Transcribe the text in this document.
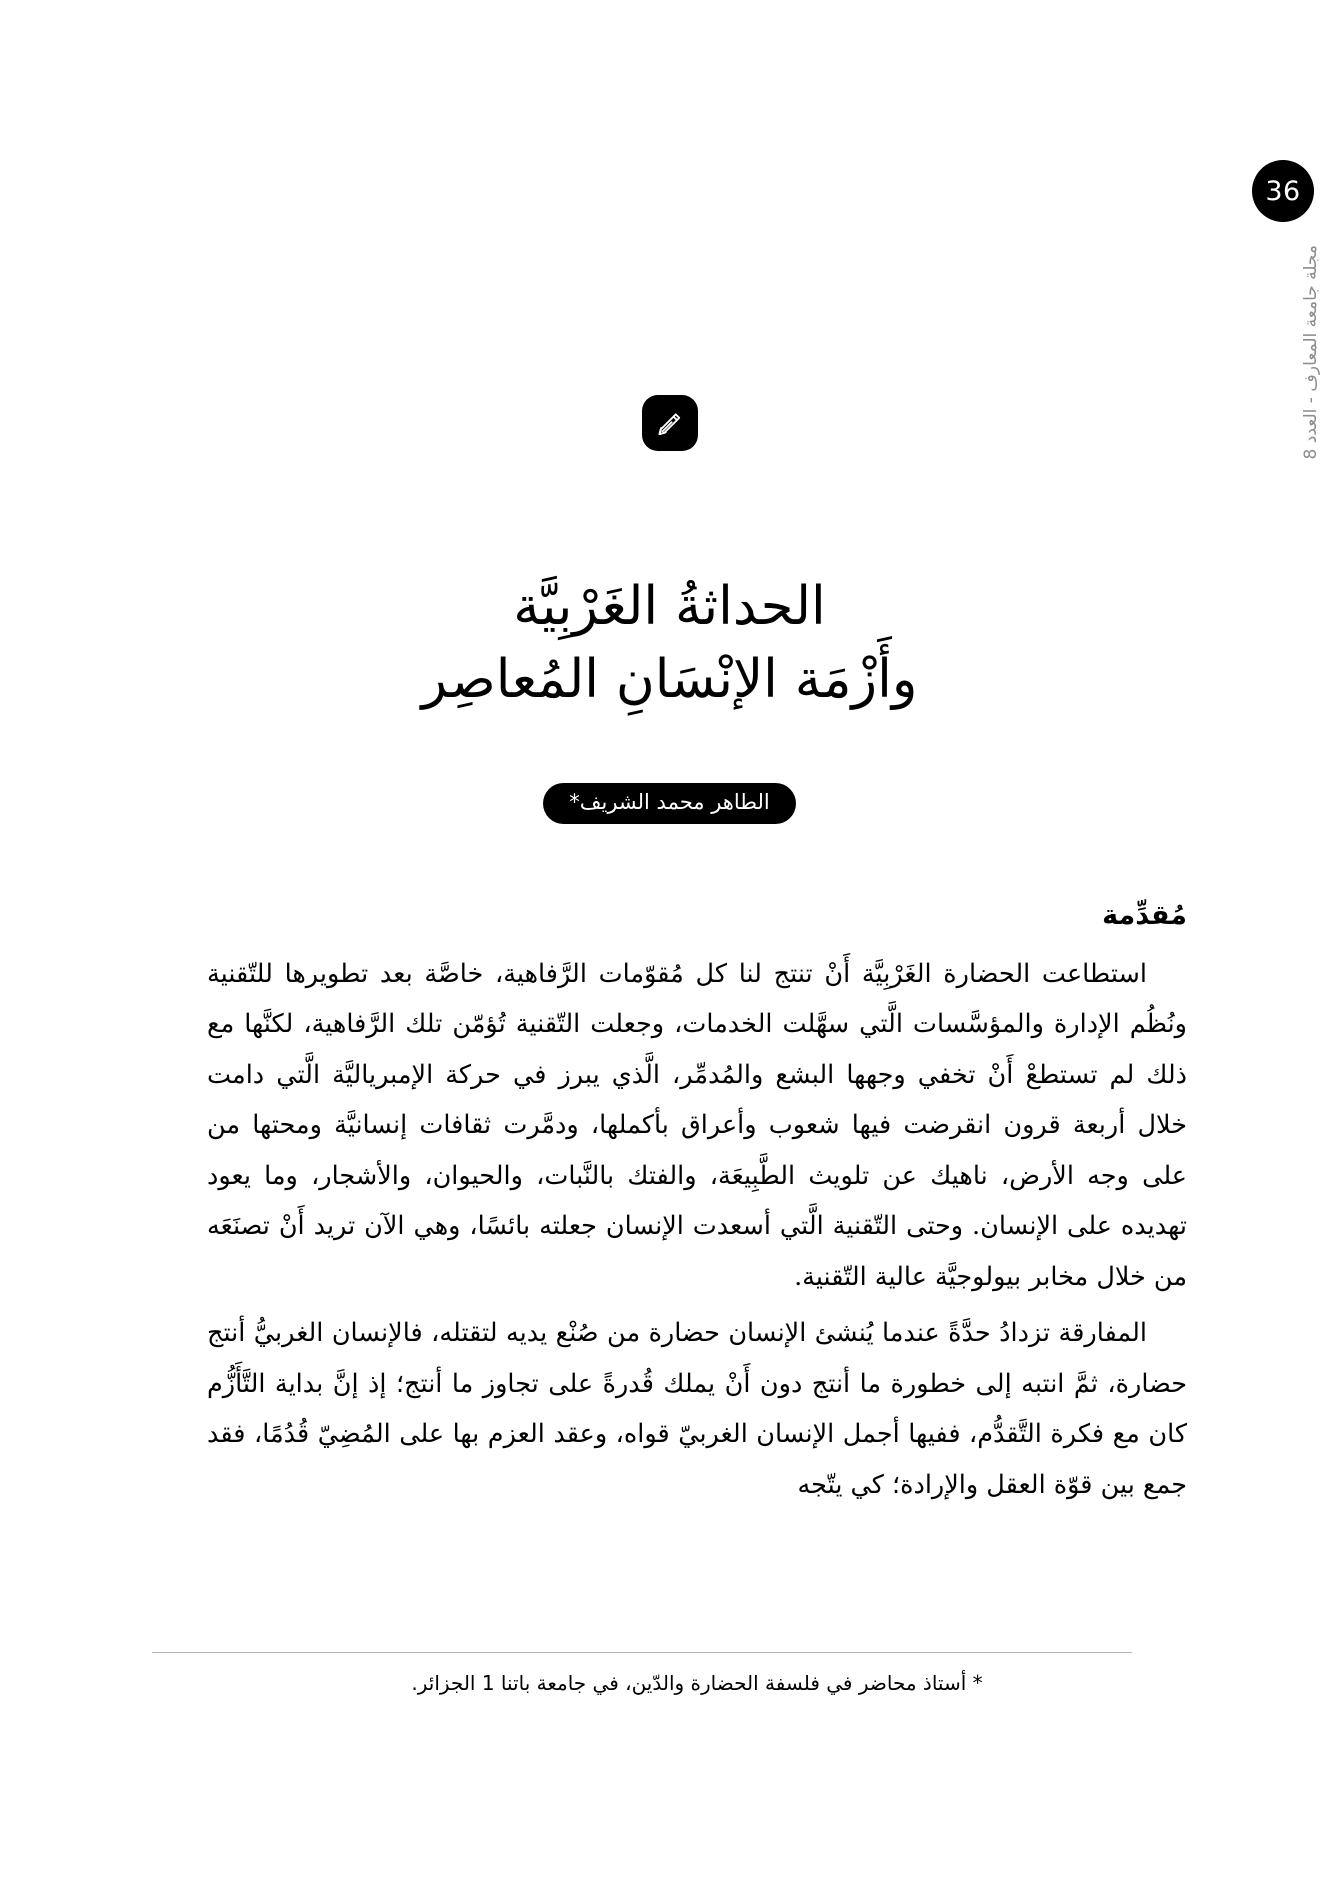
36
مجلة جامعة المعارف - العدد 8
الحداثةُ الغَرْبِيَّة
وأَزْمَة الإنْسَانِ المُعاصِر
الطاهر محمد الشريف*
مُقدِّمة

استطاعت الحضارة الغَرْبِيَّة أَنْ تنتج لنا كل مُقوّمات الرَّفاهية، خاصَّة بعد تطويرها للتّقنية ونُظُم الإدارة والمؤسَّسات الَّتي سهَّلت الخدمات، وجعلت التّقنية تُؤمّن تلك الرَّفاهية، لكنَّها مع ذلك لم تستطعْ أَنْ تخفي وجهها البشع والمُدمِّر، الَّذي يبرز في حركة الإمبرياليَّة الَّتي دامت خلال أربعة قرون انقرضت فيها شعوب وأعراق بأكملها، ودمَّرت ثقافات إنسانيَّة ومحتها من على وجه الأرض، ناهيك عن تلويث الطَّبِيعَة، والفتك بالنَّبات، والحيوان، والأشجار، وما يعود تهديده على الإنسان. وحتى التّقنية الَّتي أسعدت الإنسان جعلته بائسًا، وهي الآن تريد أَنْ تصنَعَه من خلال مخابر بيولوجيَّة عالية التّقنية.

المفارقة تزدادُ حدَّةً عندما يُنشئ الإنسان حضارة من صُنْع يديه لتقتله، فالإنسان الغربيُّ أنتج حضارة، ثمَّ انتبه إلى خطورة ما أنتج دون أَنْ يملك قُدرةً على تجاوز ما أنتج؛ إذ إنَّ بداية التَّأَزُّم كان مع فكرة التَّقدُّم، ففيها أجمل الإنسان الغربيّ قواه، وعقد العزم بها على المُضِيّ قُدُمًا، فقد جمع بين قوّة العقل والإرادة؛ كي يتّجه

* أستاذ محاضر في فلسفة الحضارة والدّين، في جامعة باتنا 1 الجزائر.
